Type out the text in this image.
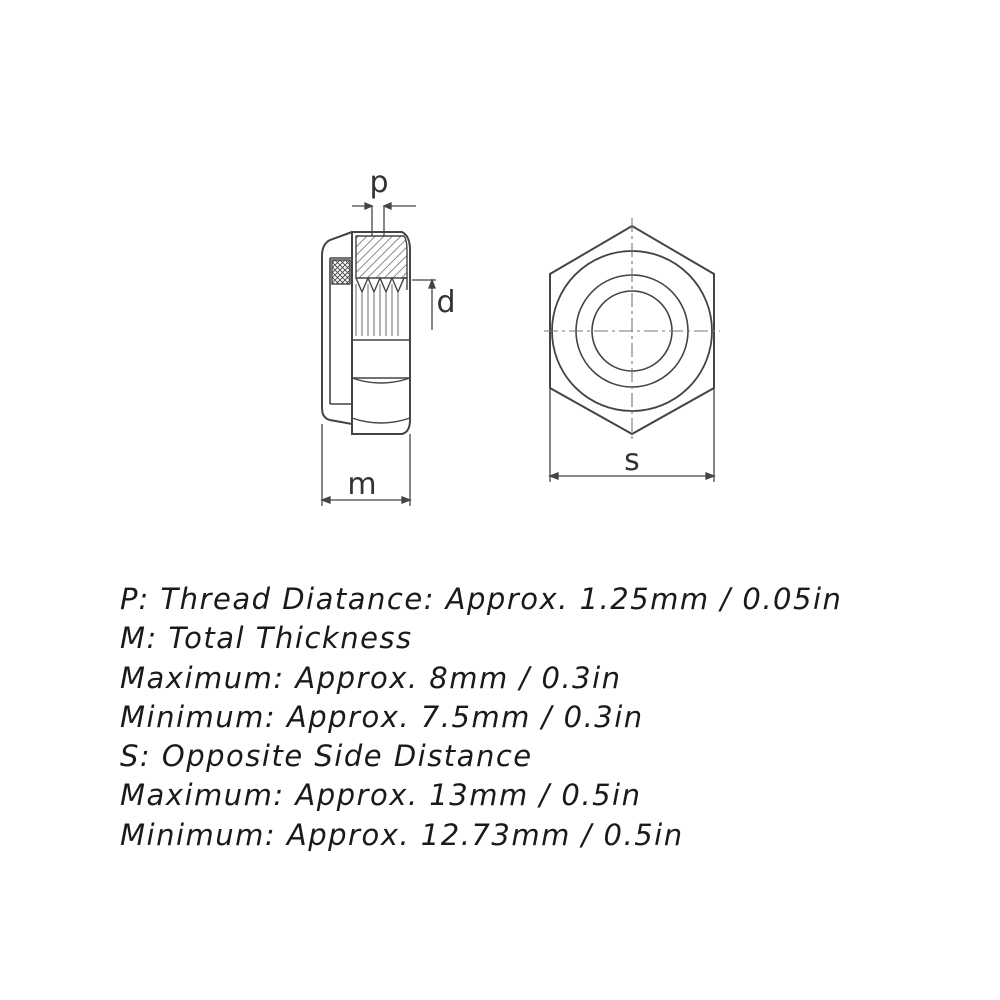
p
d
m
s
P: Thread Diatance: Approx. 1.25mm / 0.05in
M: Total Thickness
Maximum: Approx. 8mm / 0.3in
Minimum: Approx. 7.5mm / 0.3in
S: Opposite Side Distance
Maximum: Approx. 13mm / 0.5in
Minimum: Approx. 12.73mm / 0.5in
